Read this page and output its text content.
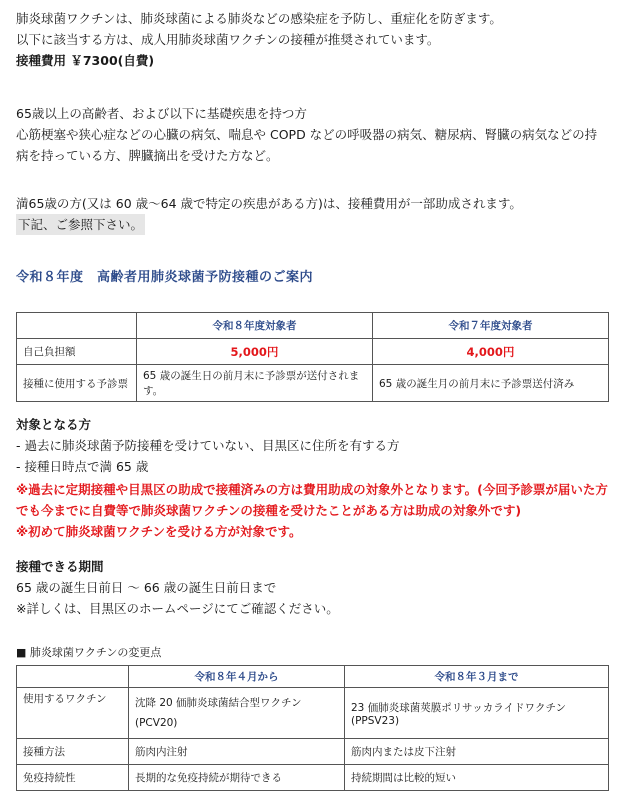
肺炎球菌ワクチンは、肺炎球菌による肺炎などの感染症を予防し、重症化を防ぎます。

以下に該当する方は、成人用肺炎球菌ワクチンの接種が推奨されています。

接種費用 ￥7300(自費)

65歳以上の高齢者、および以下に基礎疾患を持つ方

心筋梗塞や狭心症などの心臓の病気、喘息や COPD などの呼吸器の病気、糖尿病、腎臓の病気などの持病を持っている方、脾臓摘出を受けた方など。

満65歳の方(又は 60 歳～64 歳で特定の疾患がある方)は、接種費用が一部助成されます。

下記、ご参照下さい。

令和８年度　高齢者用肺炎球菌予防接種のご案内

	令和８年度対象者	令和７年度対象者
自己負担額	5,000円	4,000円
接種に使用する予診票	65 歳の誕生日の前月末に予診票が送付されます。	65 歳の誕生月の前月末に予診票送付済み

対象となる方

- 過去に肺炎球菌予防接種を受けていない、目黒区に住所を有する方

- 接種日時点で満 65 歳

※過去に定期接種や目黒区の助成で接種済みの方は費用助成の対象外となります。(今回予診票が届いた方でも今までに自費等で肺炎球菌ワクチンの接種を受けたことがある方は助成の対象外です)

※初めて肺炎球菌ワクチンを受ける方が対象です。

接種できる期間

65 歳の誕生日前日 ～ 66 歳の誕生日前日まで

※詳しくは、目黒区のホームページにてご確認ください。

■ 肺炎球菌ワクチンの変更点

	令和８年４月から	令和８年３月まで
使用するワクチン	沈降 20 価肺炎球菌結合型ワクチン(PCV20)	23 価肺炎球菌莢膜ポリサッカライドワクチン(PPSV23)
接種方法	筋肉内注射	筋肉内または皮下注射
免疫持続性	長期的な免疫持続が期待できる	持続期間は比較的短い
